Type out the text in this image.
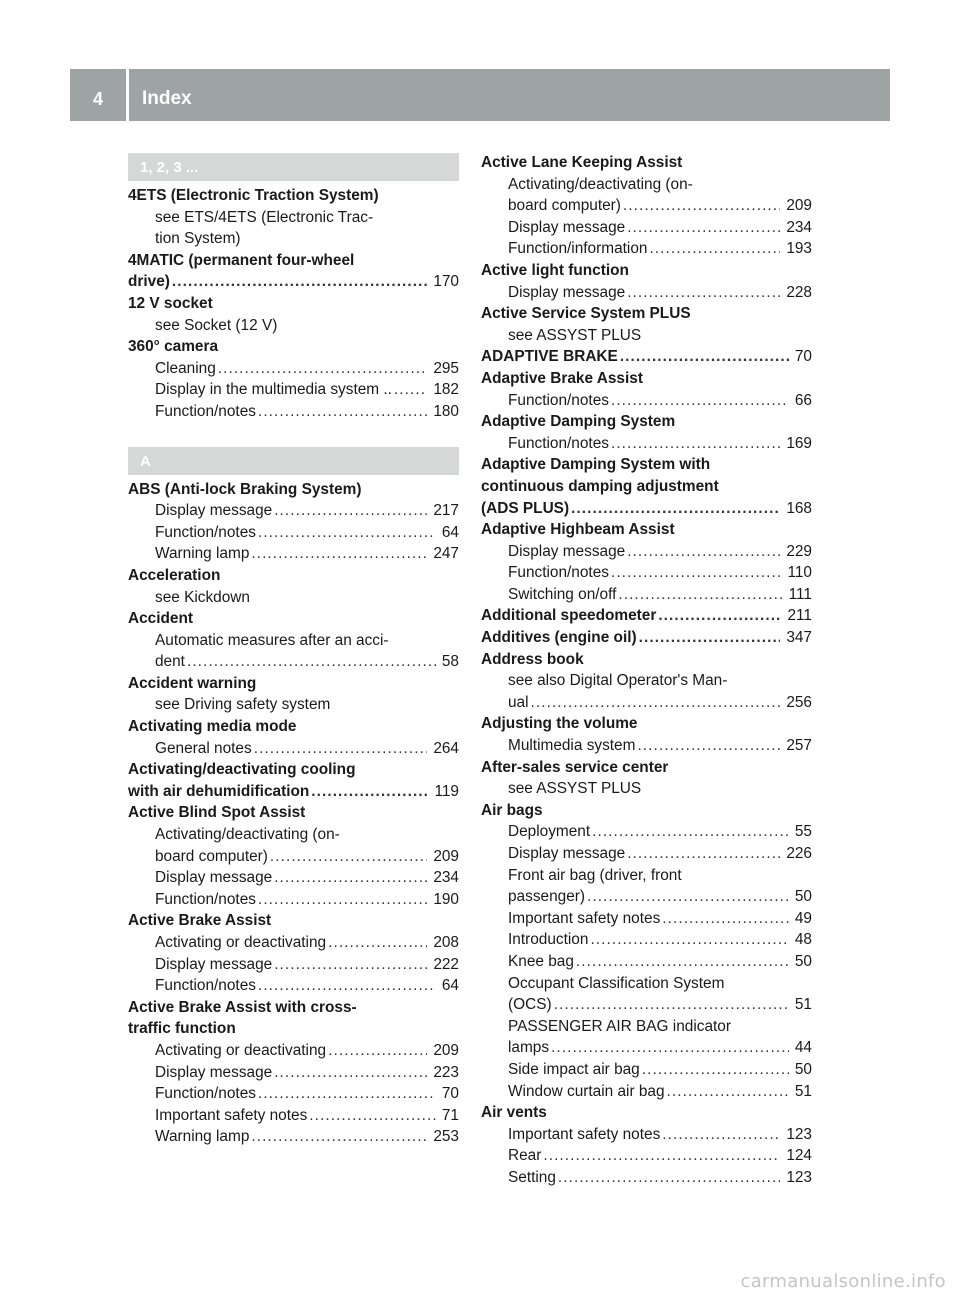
4	Index
1, 2, 3 ...
4ETS (Electronic Traction System)
see ETS/4ETS (Electronic Trac-
tion System)
4MATIC (permanent four-wheel
drive) . . .	170
12 V socket
see Socket (12 V)
360° camera
Cleaning . . .	295
Display in the multimedia system .. . . .	182
Function/notes . . .	180
A
ABS (Anti-lock Braking System)
Display message . . .	217
Function/notes . . .	64
Warning lamp . . .	247
Acceleration
see Kickdown
Accident
Automatic measures after an acci-
dent . . .	58
Accident warning
see Driving safety system
Activating media mode
General notes . . .	264
Activating/deactivating cooling
with air dehumidification . . .	119
Active Blind Spot Assist
Activating/deactivating (on-
board computer) . . .	209
Display message . . .	234
Function/notes . . .	190
Active Brake Assist
Activating or deactivating . . .	208
Display message . . .	222
Function/notes . . .	64
Active Brake Assist with cross-
traffic function
Activating or deactivating . . .	209
Display message . . .	223
Function/notes . . .	70
Important safety notes . . .	71
Warning lamp . . .	253
Active Lane Keeping Assist
Activating/deactivating (on-
board computer) . . .	209
Display message . . .	234
Function/information . . .	193
Active light function
Display message . . .	228
Active Service System PLUS
see ASSYST PLUS
ADAPTIVE BRAKE . . .	70
Adaptive Brake Assist
Function/notes . . .	66
Adaptive Damping System
Function/notes . . .	169
Adaptive Damping System with
continuous damping adjustment
(ADS PLUS) . . .	168
Adaptive Highbeam Assist
Display message . . .	229
Function/notes . . .	110
Switching on/off . . .	111
Additional speedometer . . .	211
Additives (engine oil) . . .	347
Address book
see also Digital Operator's Man-
ual . . .	256
Adjusting the volume
Multimedia system . . .	257
After-sales service center
see ASSYST PLUS
Air bags
Deployment . . .	55
Display message . . .	226
Front air bag (driver, front
passenger) . . .	50
Important safety notes . . .	49
Introduction . . .	48
Knee bag . . .	50
Occupant Classification System
(OCS) . . .	51
PASSENGER AIR BAG indicator
lamps . . .	44
Side impact air bag . . .	50
Window curtain air bag . . .	51
Air vents
Important safety notes . . .	123
Rear . . .	124
Setting . . .	123
carmanualsonline.info
